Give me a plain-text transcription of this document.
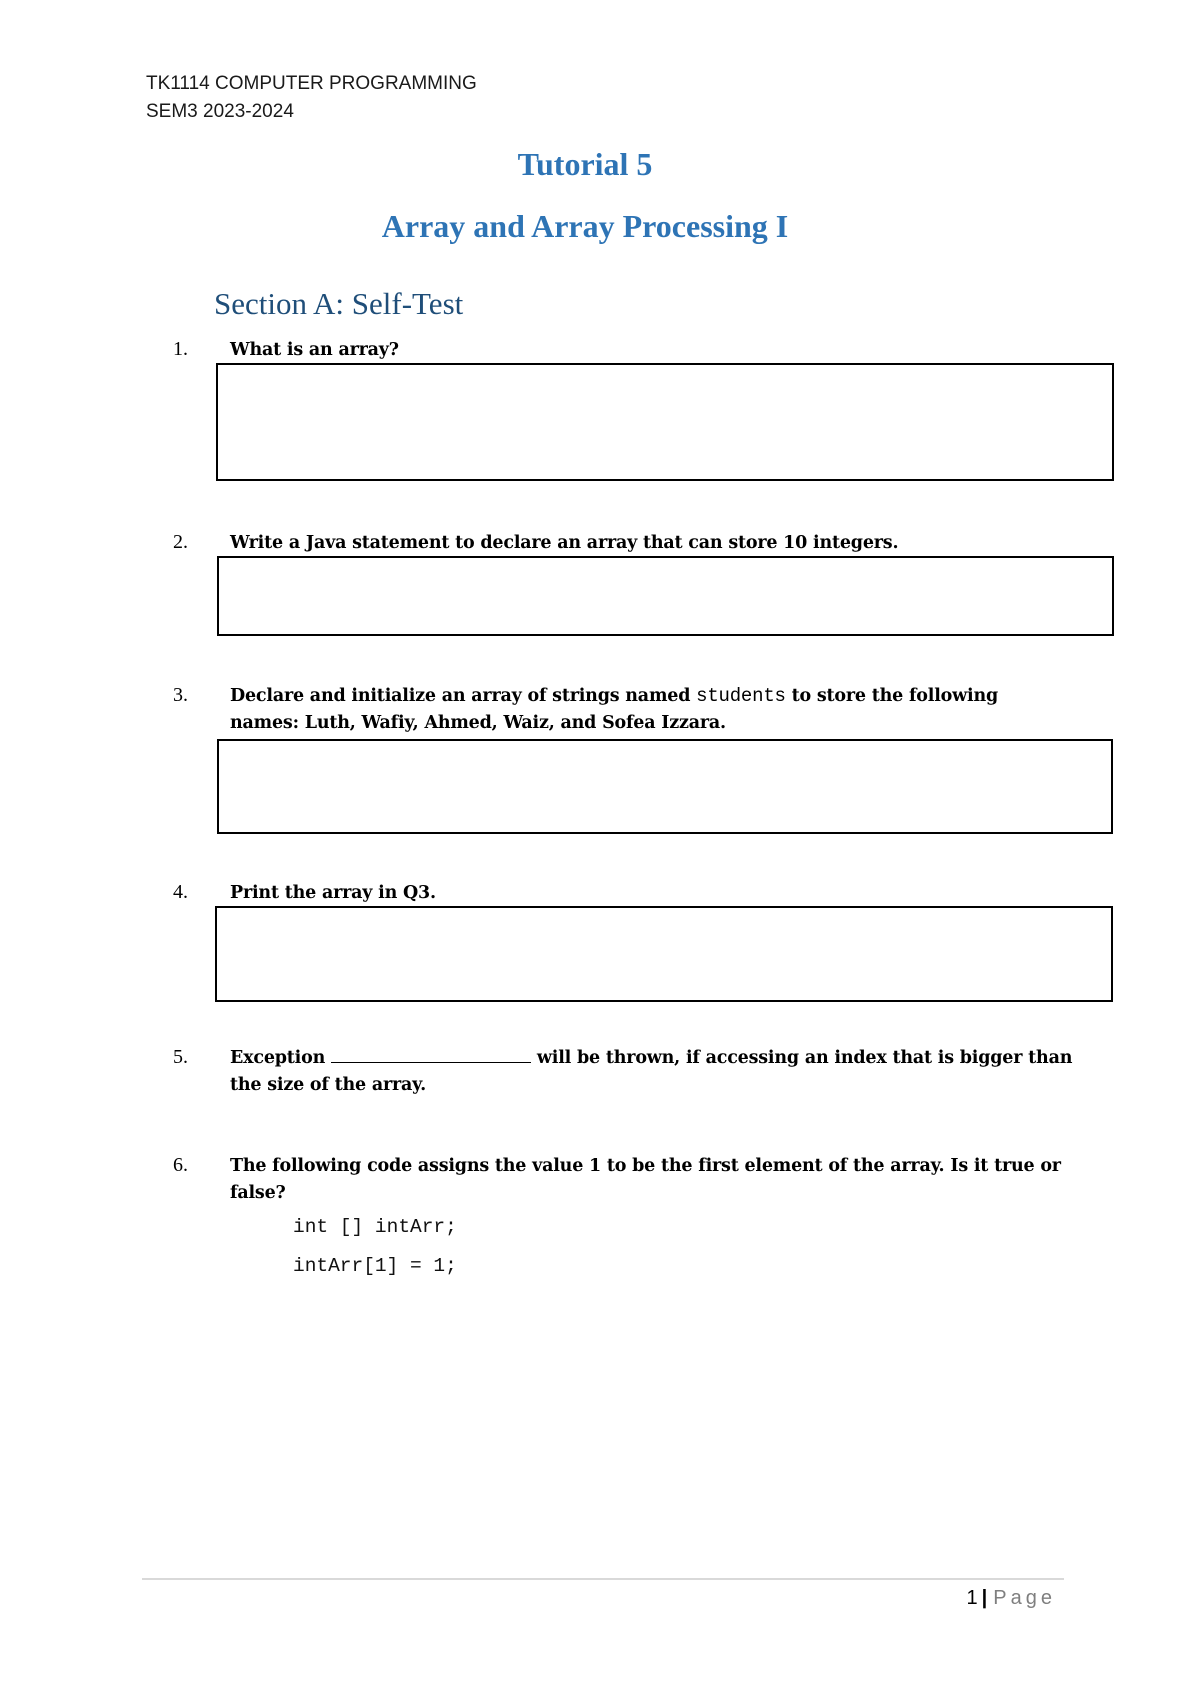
TK1114 COMPUTER PROGRAMMING
SEM3 2023-2024
Tutorial 5
Array and Array Processing I
Section A: Self-Test
1.	What is an array?
2.	Write a Java statement to declare an array that can store 10 integers.
3.	Declare and initialize an array of strings named students to store the following names: Luth, Wafiy, Ahmed, Waiz, and Sofea Izzara.
4.	Print the array in Q3.
5.	Exception	will be thrown, if accessing an index that is bigger than the size of the array.
6.	The following code assigns the value 1 to be the first element of the array. Is it true or false?
int [] intArr;
intArr[1] = 1;
1 | Page
